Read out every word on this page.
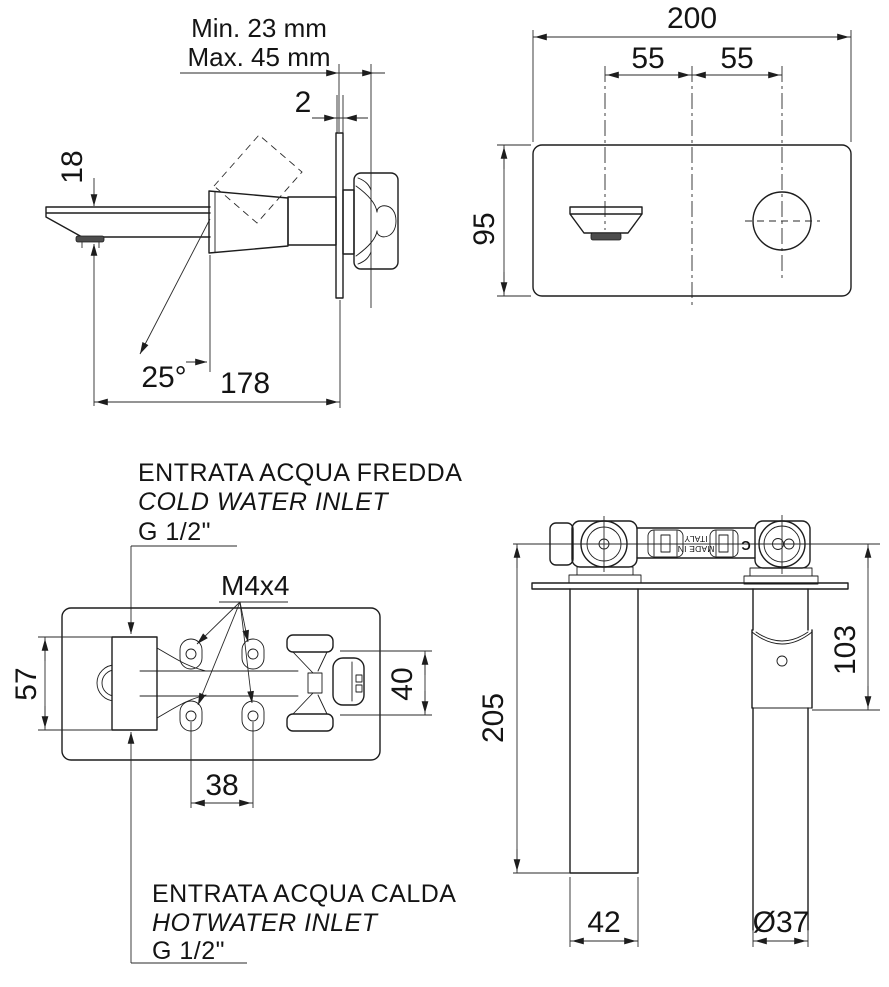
Min. 23 mm
Max. 45 mm
2
18
25° 178
200
55 55
95
ENTRATA ACQUA FREDDA
COLD WATER INLET
G 1/2"
M4x4
57	40
38
ENTRATA ACQUA CALDA
HOTWATER INLET
G 1/2"
MADE IN
ITALY	C
205
103
42	Ø37
